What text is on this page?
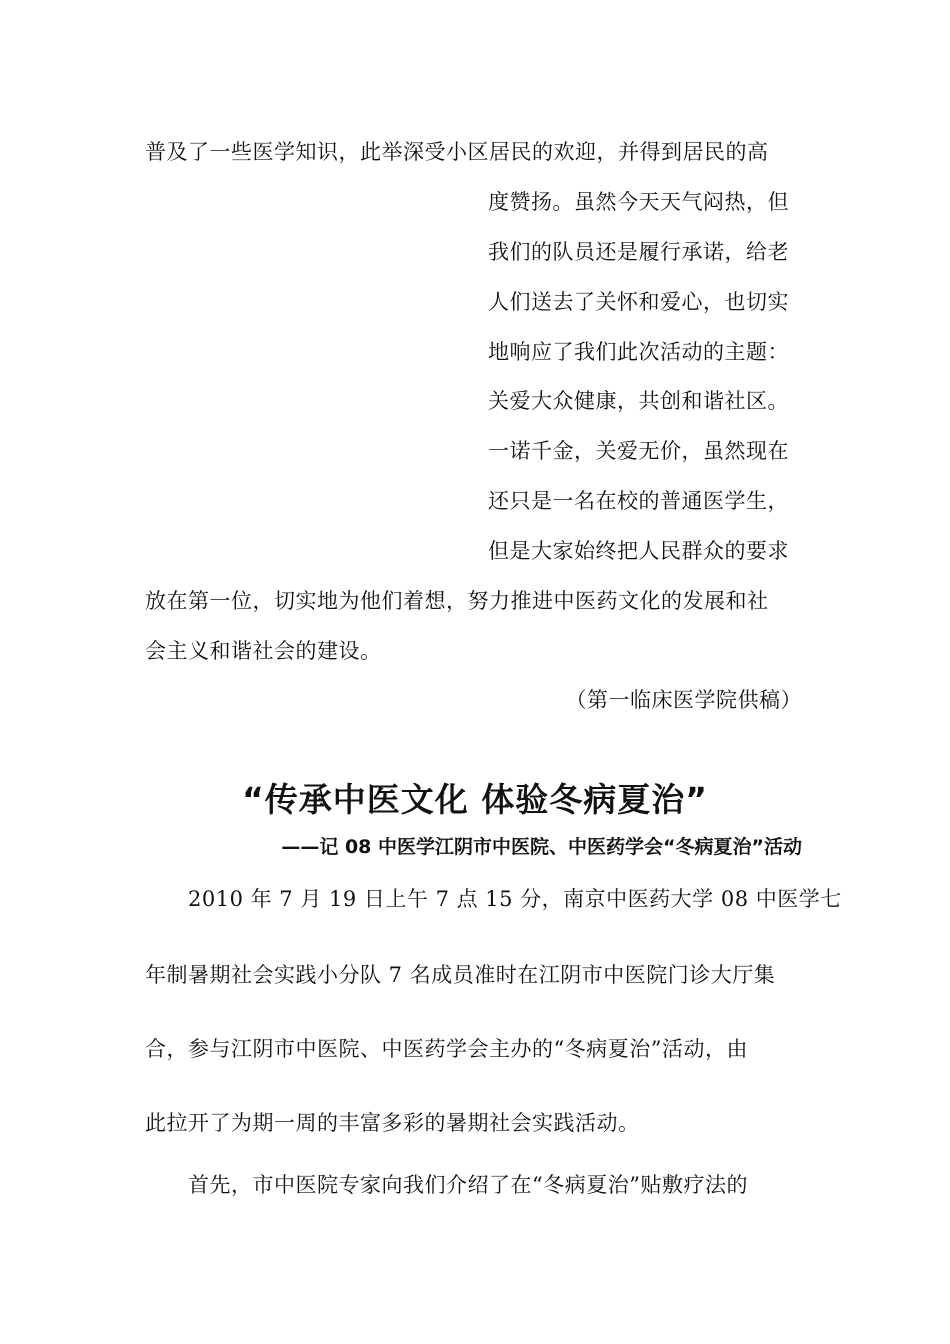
普及了一些医学知识，此举深受小区居民的欢迎，并得到居民的高
度赞扬。虽然今天天气闷热，但
我们的队员还是履行承诺，给老
人们送去了关怀和爱心，也切实
地响应了我们此次活动的主题：
关爱大众健康，共创和谐社区。
一诺千金，关爱无价，虽然现在
还只是一名在校的普通医学生，
但是大家始终把人民群众的要求
放在第一位，切实地为他们着想，努力推进中医药文化的发展和社
会主义和谐社会的建设。
（第一临床医学院供稿）
“传承中医文化 体验冬病夏治”
——记 08 中医学江阴市中医院、中医药学会“冬病夏治”活动
2010 年 7 月 19 日上午 7 点 15 分，南京中医药大学 08 中医学七
年制暑期社会实践小分队 7 名成员准时在江阴市中医院门诊大厅集
合，参与江阴市中医院、中医药学会主办的“冬病夏治”活动，由
此拉开了为期一周的丰富多彩的暑期社会实践活动。
首先，市中医院专家向我们介绍了在“冬病夏治”贴敷疗法的
